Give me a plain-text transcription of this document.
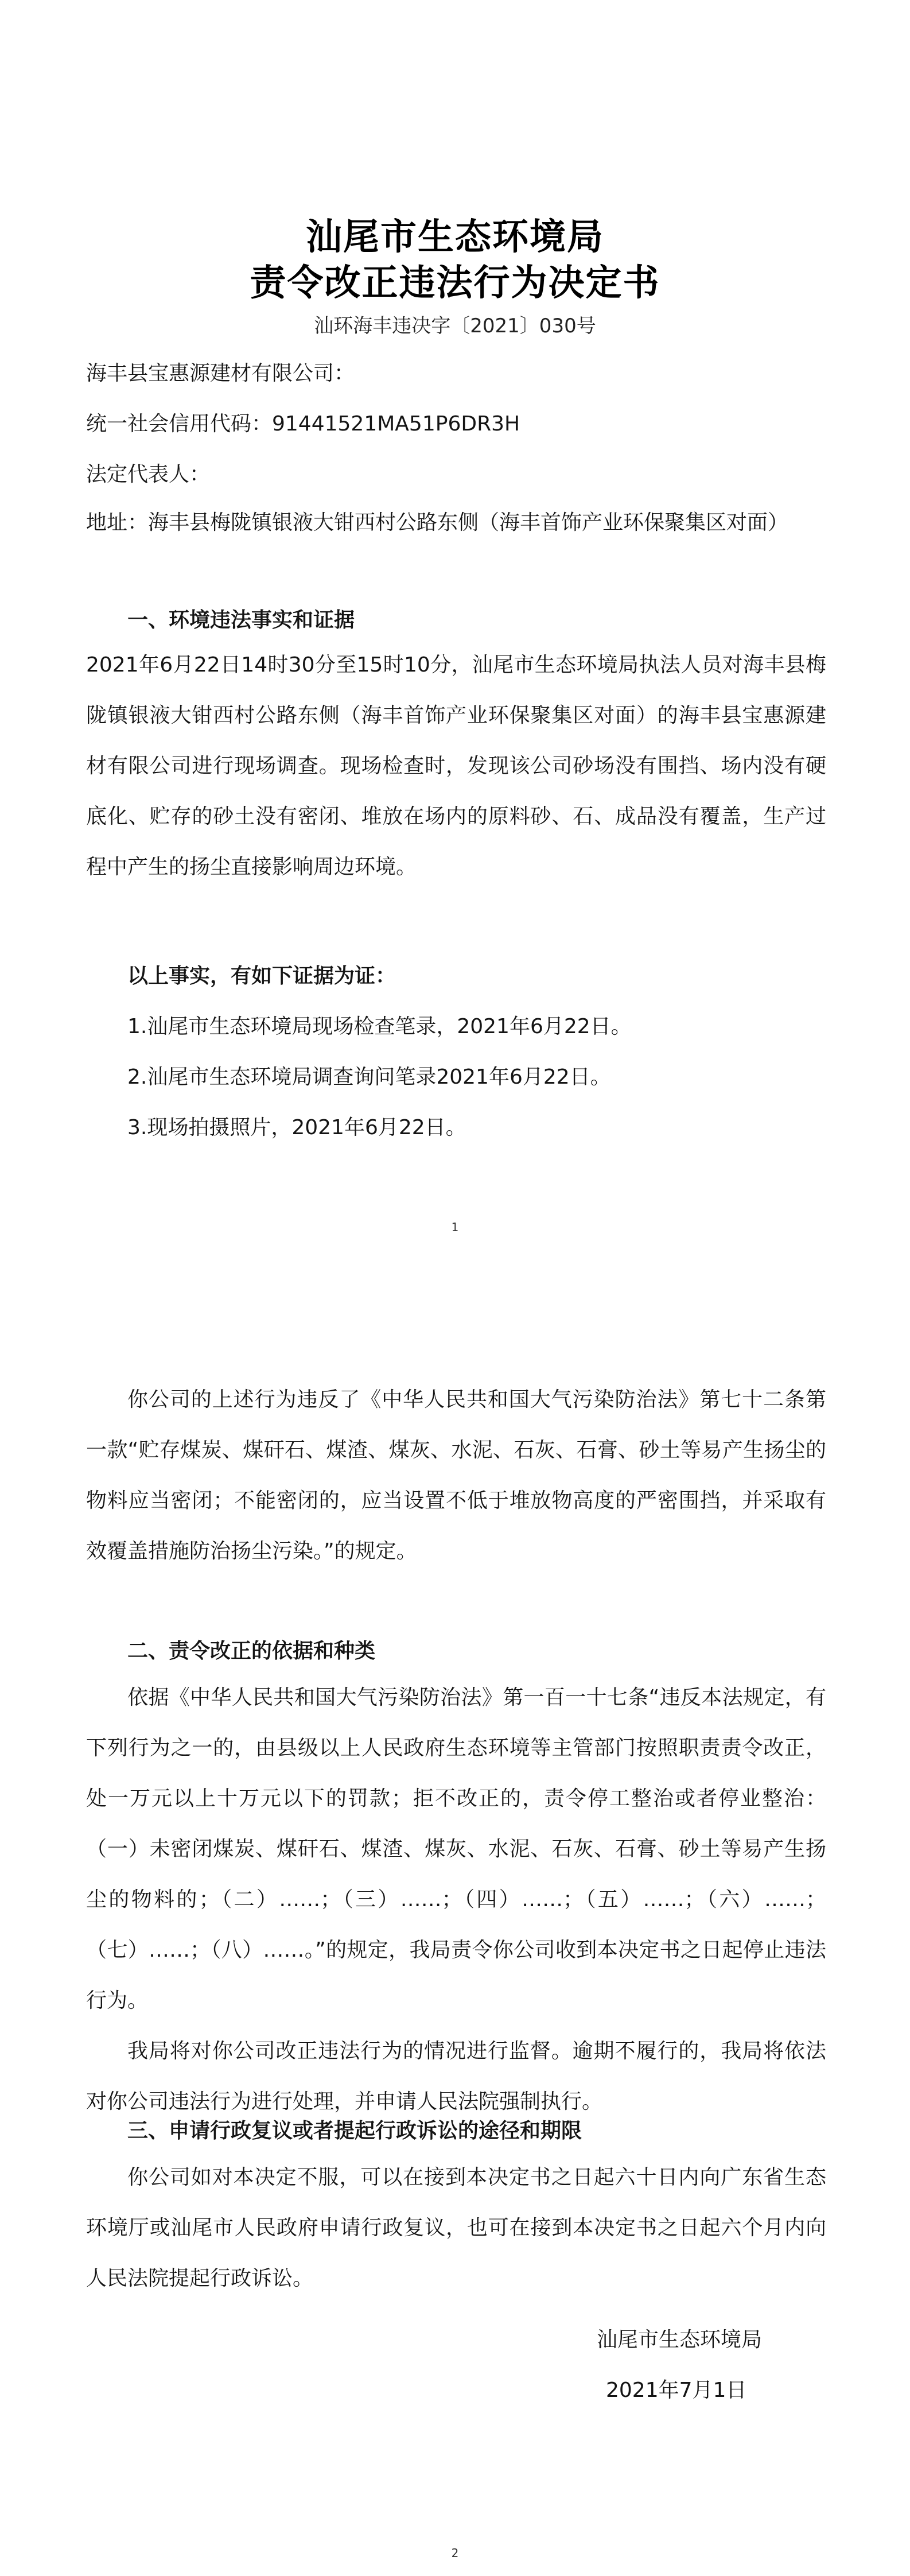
汕尾市生态环境局
责令改正违法行为决定书
汕环海丰违决字〔2021〕030号
海丰县宝惠源建材有限公司：
统一社会信用代码：91441521MA51P6DR3H
法定代表人：
地址：海丰县梅陇镇银液大钳西村公路东侧（海丰首饰产业环保聚集区对面）
一、环境违法事实和证据
2021年6月22日14时30分至15时10分，汕尾市生态环境局执法人员对海丰县梅陇镇银液大钳西村公路东侧（海丰首饰产业环保聚集区对面）的海丰县宝惠源建材有限公司进行现场调查。现场检查时，发现该公司砂场没有围挡、场内没有硬底化、贮存的砂土没有密闭、堆放在场内的原料砂、石、成品没有覆盖，生产过程中产生的扬尘直接影响周边环境。
以上事实，有如下证据为证：
1.汕尾市生态环境局现场检查笔录，2021年6月22日。
2.汕尾市生态环境局调查询问笔录2021年6月22日。
3.现场拍摄照片，2021年6月22日。
1
你公司的上述行为违反了《中华人民共和国大气污染防治法》第七十二条第一款“贮存煤炭、煤矸石、煤渣、煤灰、水泥、石灰、石膏、砂土等易产生扬尘的物料应当密闭；不能密闭的，应当设置不低于堆放物高度的严密围挡，并采取有效覆盖措施防治扬尘污染。”的规定。
二、责令改正的依据和种类
依据《中华人民共和国大气污染防治法》第一百一十七条“违反本法规定，有下列行为之一的，由县级以上人民政府生态环境等主管部门按照职责责令改正，处一万元以上十万元以下的罚款；拒不改正的，责令停工整治或者停业整治：（一）未密闭煤炭、煤矸石、煤渣、煤灰、水泥、石灰、石膏、砂土等易产生扬尘的物料的；（二）……；（三）……；（四）……；（五）……；（六）……；（七）……；（八）……。”的规定，我局责令你公司收到本决定书之日起停止违法行为。
我局将对你公司改正违法行为的情况进行监督。逾期不履行的，我局将依法对你公司违法行为进行处理，并申请人民法院强制执行。
三、申请行政复议或者提起行政诉讼的途径和期限
你公司如对本决定不服，可以在接到本决定书之日起六十日内向广东省生态环境厅或汕尾市人民政府申请行政复议，也可在接到本决定书之日起六个月内向人民法院提起行政诉讼。
汕尾市生态环境局
2021年7月1日
2
